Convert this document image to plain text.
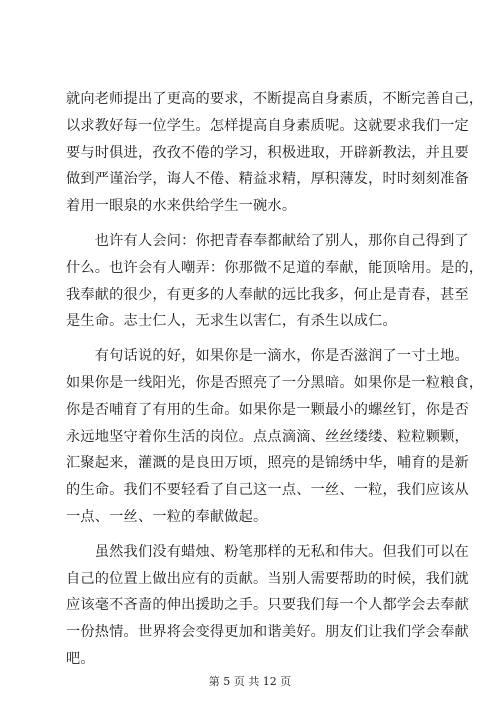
就向老师提出了更高的要求，不断提高自身素质，不断完善自己，
以求教好每一位学生。怎样提高自身素质呢。这就要求我们一定
要与时俱进，孜孜不倦的学习，积极进取，开辟新教法，并且要
做到严谨治学，诲人不倦、精益求精，厚积薄发，时时刻刻准备
着用一眼泉的水来供给学生一碗水。
　　也许有人会问：你把青春奉都献给了别人，那你自己得到了
什么。也许会有人嘲弄：你那微不足道的奉献，能顶啥用。是的，
我奉献的很少，有更多的人奉献的远比我多，何止是青春，甚至
是生命。志士仁人，无求生以害仁，有杀生以成仁。
　　有句话说的好，如果你是一滴水，你是否滋润了一寸土地。
如果你是一线阳光，你是否照亮了一分黑暗。如果你是一粒粮食，
你是否哺育了有用的生命。如果你是一颗最小的螺丝钉，你是否
永远地坚守着你生活的岗位。点点滴滴、丝丝缕缕、粒粒颗颗，
汇聚起来，灌溉的是良田万顷，照亮的是锦绣中华，哺育的是新
的生命。我们不要轻看了自己这一点、一丝、一粒，我们应该从
一点、一丝、一粒的奉献做起。
　　虽然我们没有蜡烛、粉笔那样的无私和伟大。但我们可以在
自己的位置上做出应有的贡献。当别人需要帮助的时候，我们就
应该毫不吝啬的伸出援助之手。只要我们每一个人都学会去奉献
一份热情。世界将会变得更加和谐美好。朋友们让我们学会奉献
吧。
第 5 页 共 12 页
